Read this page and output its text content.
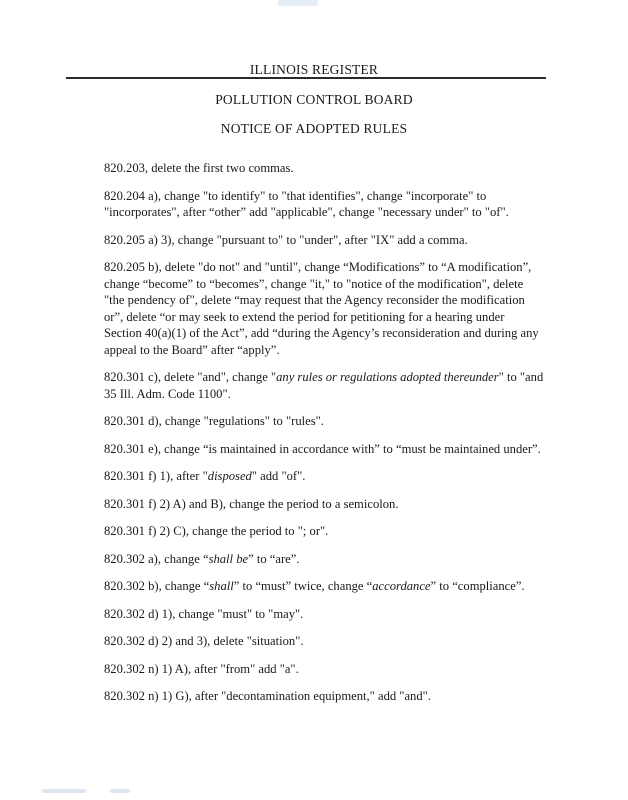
ILLINOIS REGISTER
POLLUTION CONTROL BOARD
NOTICE OF ADOPTED RULES

820.203, delete the first two commas.

820.204 a), change "to identify" to "that identifies", change "incorporate" to "incorporates", after “other” add "applicable", change "necessary under" to "of".

820.205 a) 3), change "pursuant to" to "under", after "IX" add a comma.

820.205 b), delete "do not" and "until", change “Modifications” to “A modification”, change “become” to “becomes”, change "it," to "notice of the modification", delete "the pendency of", delete “may request that the Agency reconsider the modification or”, delete “or may seek to extend the period for petitioning for a hearing under Section 40(a)(1) of the Act”, add “during the Agency’s reconsideration and during any appeal to the Board” after “apply”.

820.301 c), delete "and", change "any rules or regulations adopted thereunder" to "and 35 Ill. Adm. Code 1100".

820.301 d), change "regulations" to "rules".

820.301 e), change “is maintained in accordance with” to “must be maintained under”.

820.301 f) 1), after "disposed" add "of".

820.301 f) 2) A) and B), change the period to a semicolon.

820.301 f) 2) C), change the period to "; or".

820.302 a), change “shall be” to “are”.

820.302 b), change “shall” to “must” twice, change “accordance” to “compliance”.

820.302 d) 1), change "must" to "may".

820.302 d) 2) and 3), delete "situation".

820.302 n) 1) A), after "from" add "a".

820.302 n) 1) G), after "decontamination equipment," add "and".
